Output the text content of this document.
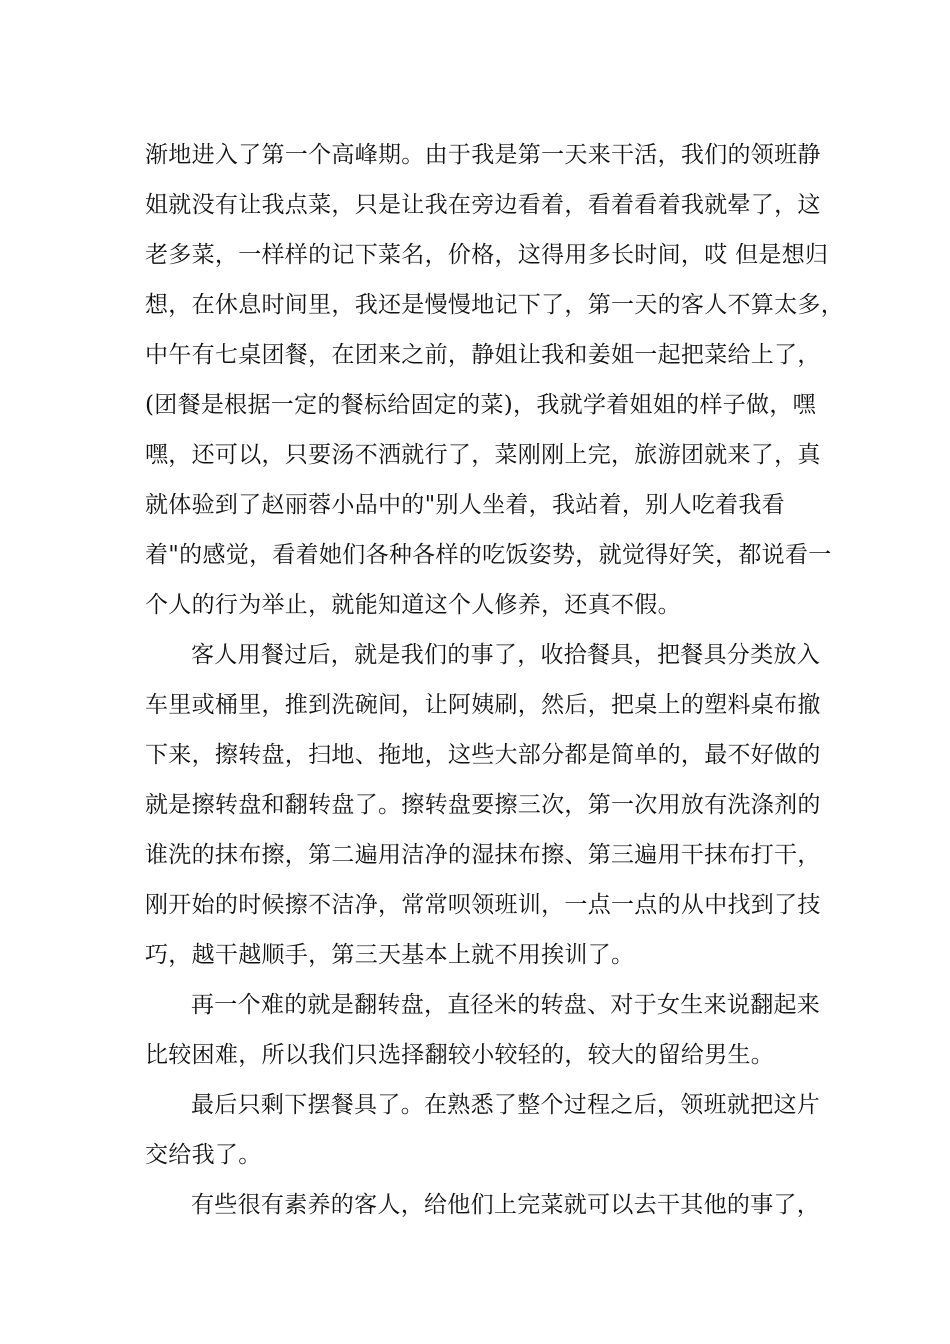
渐地进入了第一个高峰期。由于我是第一天来干活，我们的领班静
姐就没有让我点菜，只是让我在旁边看着，看着看着我就晕了，这
老多菜，一样样的记下菜名，价格，这得用多长时间，哎 但是想归
想，在休息时间里，我还是慢慢地记下了，第一天的客人不算太多，
中午有七桌团餐，在团来之前，静姐让我和姜姐一起把菜给上了，
(团餐是根据一定的餐标给固定的菜)，我就学着姐姐的样子做，嘿
嘿，还可以，只要汤不洒就行了，菜刚刚上完，旅游团就来了，真
就体验到了赵丽蓉小品中的"别人坐着，我站着，别人吃着我看
着"的感觉，看着她们各种各样的吃饭姿势，就觉得好笑，都说看一
个人的行为举止，就能知道这个人修养，还真不假。
客人用餐过后，就是我们的事了，收拾餐具，把餐具分类放入
车里或桶里，推到洗碗间，让阿姨刷，然后，把桌上的塑料桌布撤
下来，擦转盘，扫地、拖地，这些大部分都是简单的，最不好做的
就是擦转盘和翻转盘了。擦转盘要擦三次，第一次用放有洗涤剂的
谁洗的抹布擦，第二遍用洁净的湿抹布擦、第三遍用干抹布打干，
刚开始的时候擦不洁净，常常呗领班训，一点一点的从中找到了技
巧，越干越顺手，第三天基本上就不用挨训了。
再一个难的就是翻转盘，直径米的转盘、对于女生来说翻起来
比较困难，所以我们只选择翻较小较轻的，较大的留给男生。
最后只剩下摆餐具了。在熟悉了整个过程之后，领班就把这片
交给我了。
有些很有素养的客人，给他们上完菜就可以去干其他的事了，
